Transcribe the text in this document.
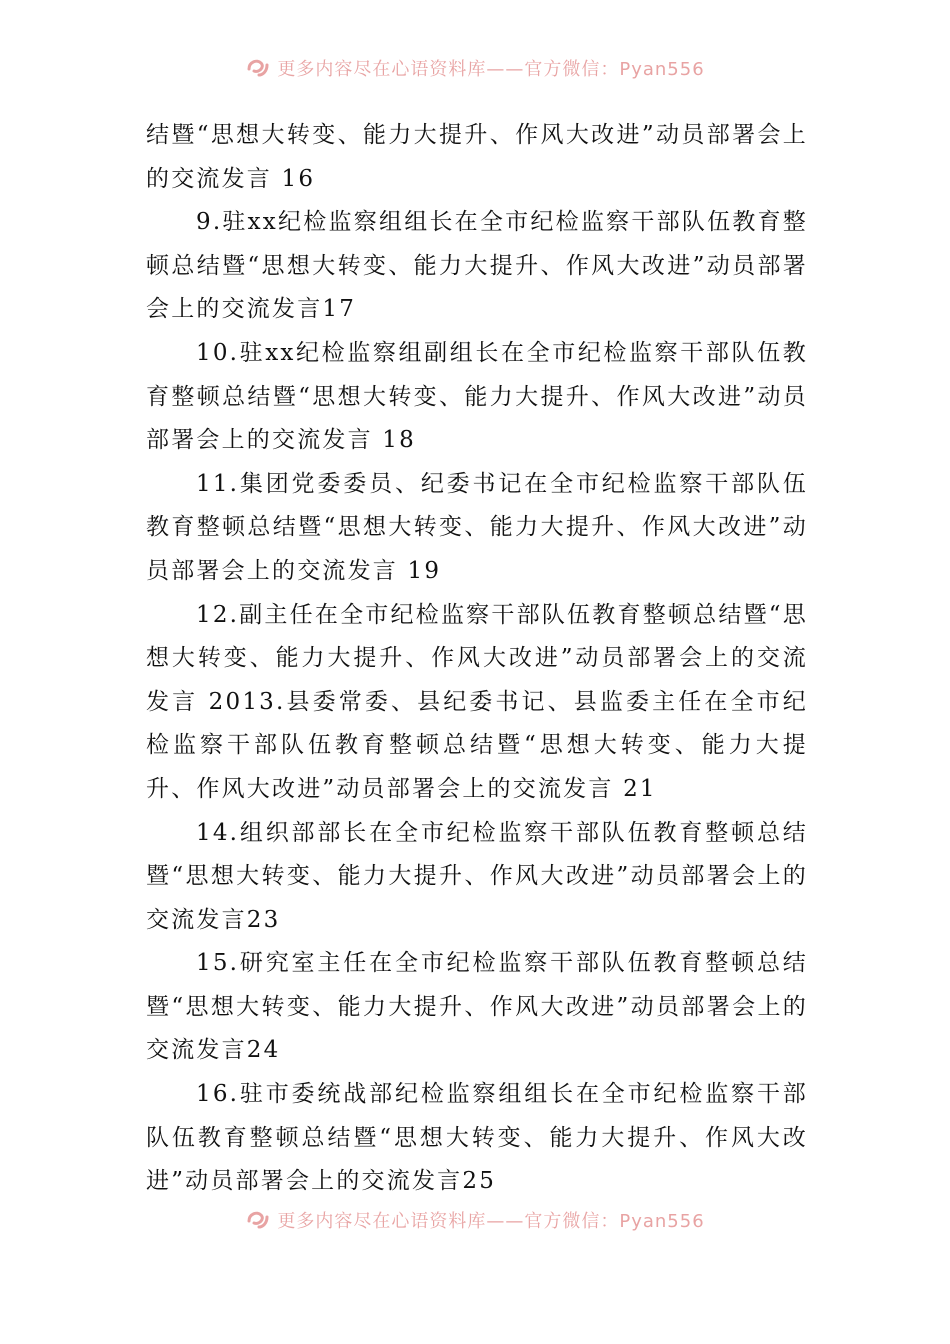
更多内容尽在心语资料库——官方微信：Pyan556

结暨“思想大转变、能力大提升、作风大改进”动员部署会上的交流发言 16

9.驻xx纪检监察组组长在全市纪检监察干部队伍教育整顿总结暨“思想大转变、能力大提升、作风大改进”动员部署会上的交流发言17

10.驻xx纪检监察组副组长在全市纪检监察干部队伍教育整顿总结暨“思想大转变、能力大提升、作风大改进”动员部署会上的交流发言 18

11.集团党委委员、纪委书记在全市纪检监察干部队伍教育整顿总结暨“思想大转变、能力大提升、作风大改进”动员部署会上的交流发言 19

12.副主任在全市纪检监察干部队伍教育整顿总结暨“思想大转变、能力大提升、作风大改进”动员部署会上的交流发言 2013.县委常委、县纪委书记、县监委主任在全市纪检监察干部队伍教育整顿总结暨“思想大转变、能力大提升、作风大改进”动员部署会上的交流发言 21

14.组织部部长在全市纪检监察干部队伍教育整顿总结暨“思想大转变、能力大提升、作风大改进”动员部署会上的交流发言23

15.研究室主任在全市纪检监察干部队伍教育整顿总结暨“思想大转变、能力大提升、作风大改进”动员部署会上的交流发言24

16.驻市委统战部纪检监察组组长在全市纪检监察干部队伍教育整顿总结暨“思想大转变、能力大提升、作风大改进”动员部署会上的交流发言25

更多内容尽在心语资料库——官方微信：Pyan556
